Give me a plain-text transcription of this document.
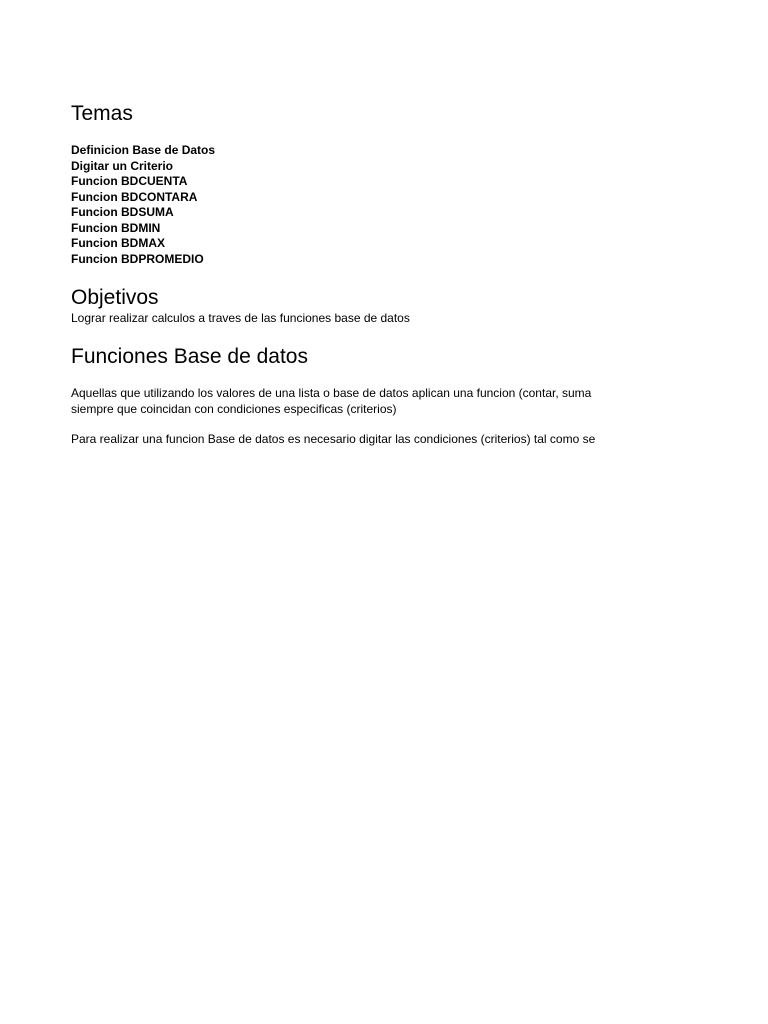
Temas
Definicion Base de Datos
Digitar un Criterio
Funcion BDCUENTA
Funcion BDCONTARA
Funcion BDSUMA
Funcion BDMIN
Funcion BDMAX
Funcion BDPROMEDIO
Objetivos

Lograr realizar calculos a traves de las funciones base de datos

Funciones Base de datos
Aquellas que utilizando los valores de una lista o base de datos aplican una funcion (contar, suma
siempre que coincidan con condiciones especificas (criterios)
Para realizar una funcion Base de datos es necesario digitar las condiciones (criterios) tal como se
